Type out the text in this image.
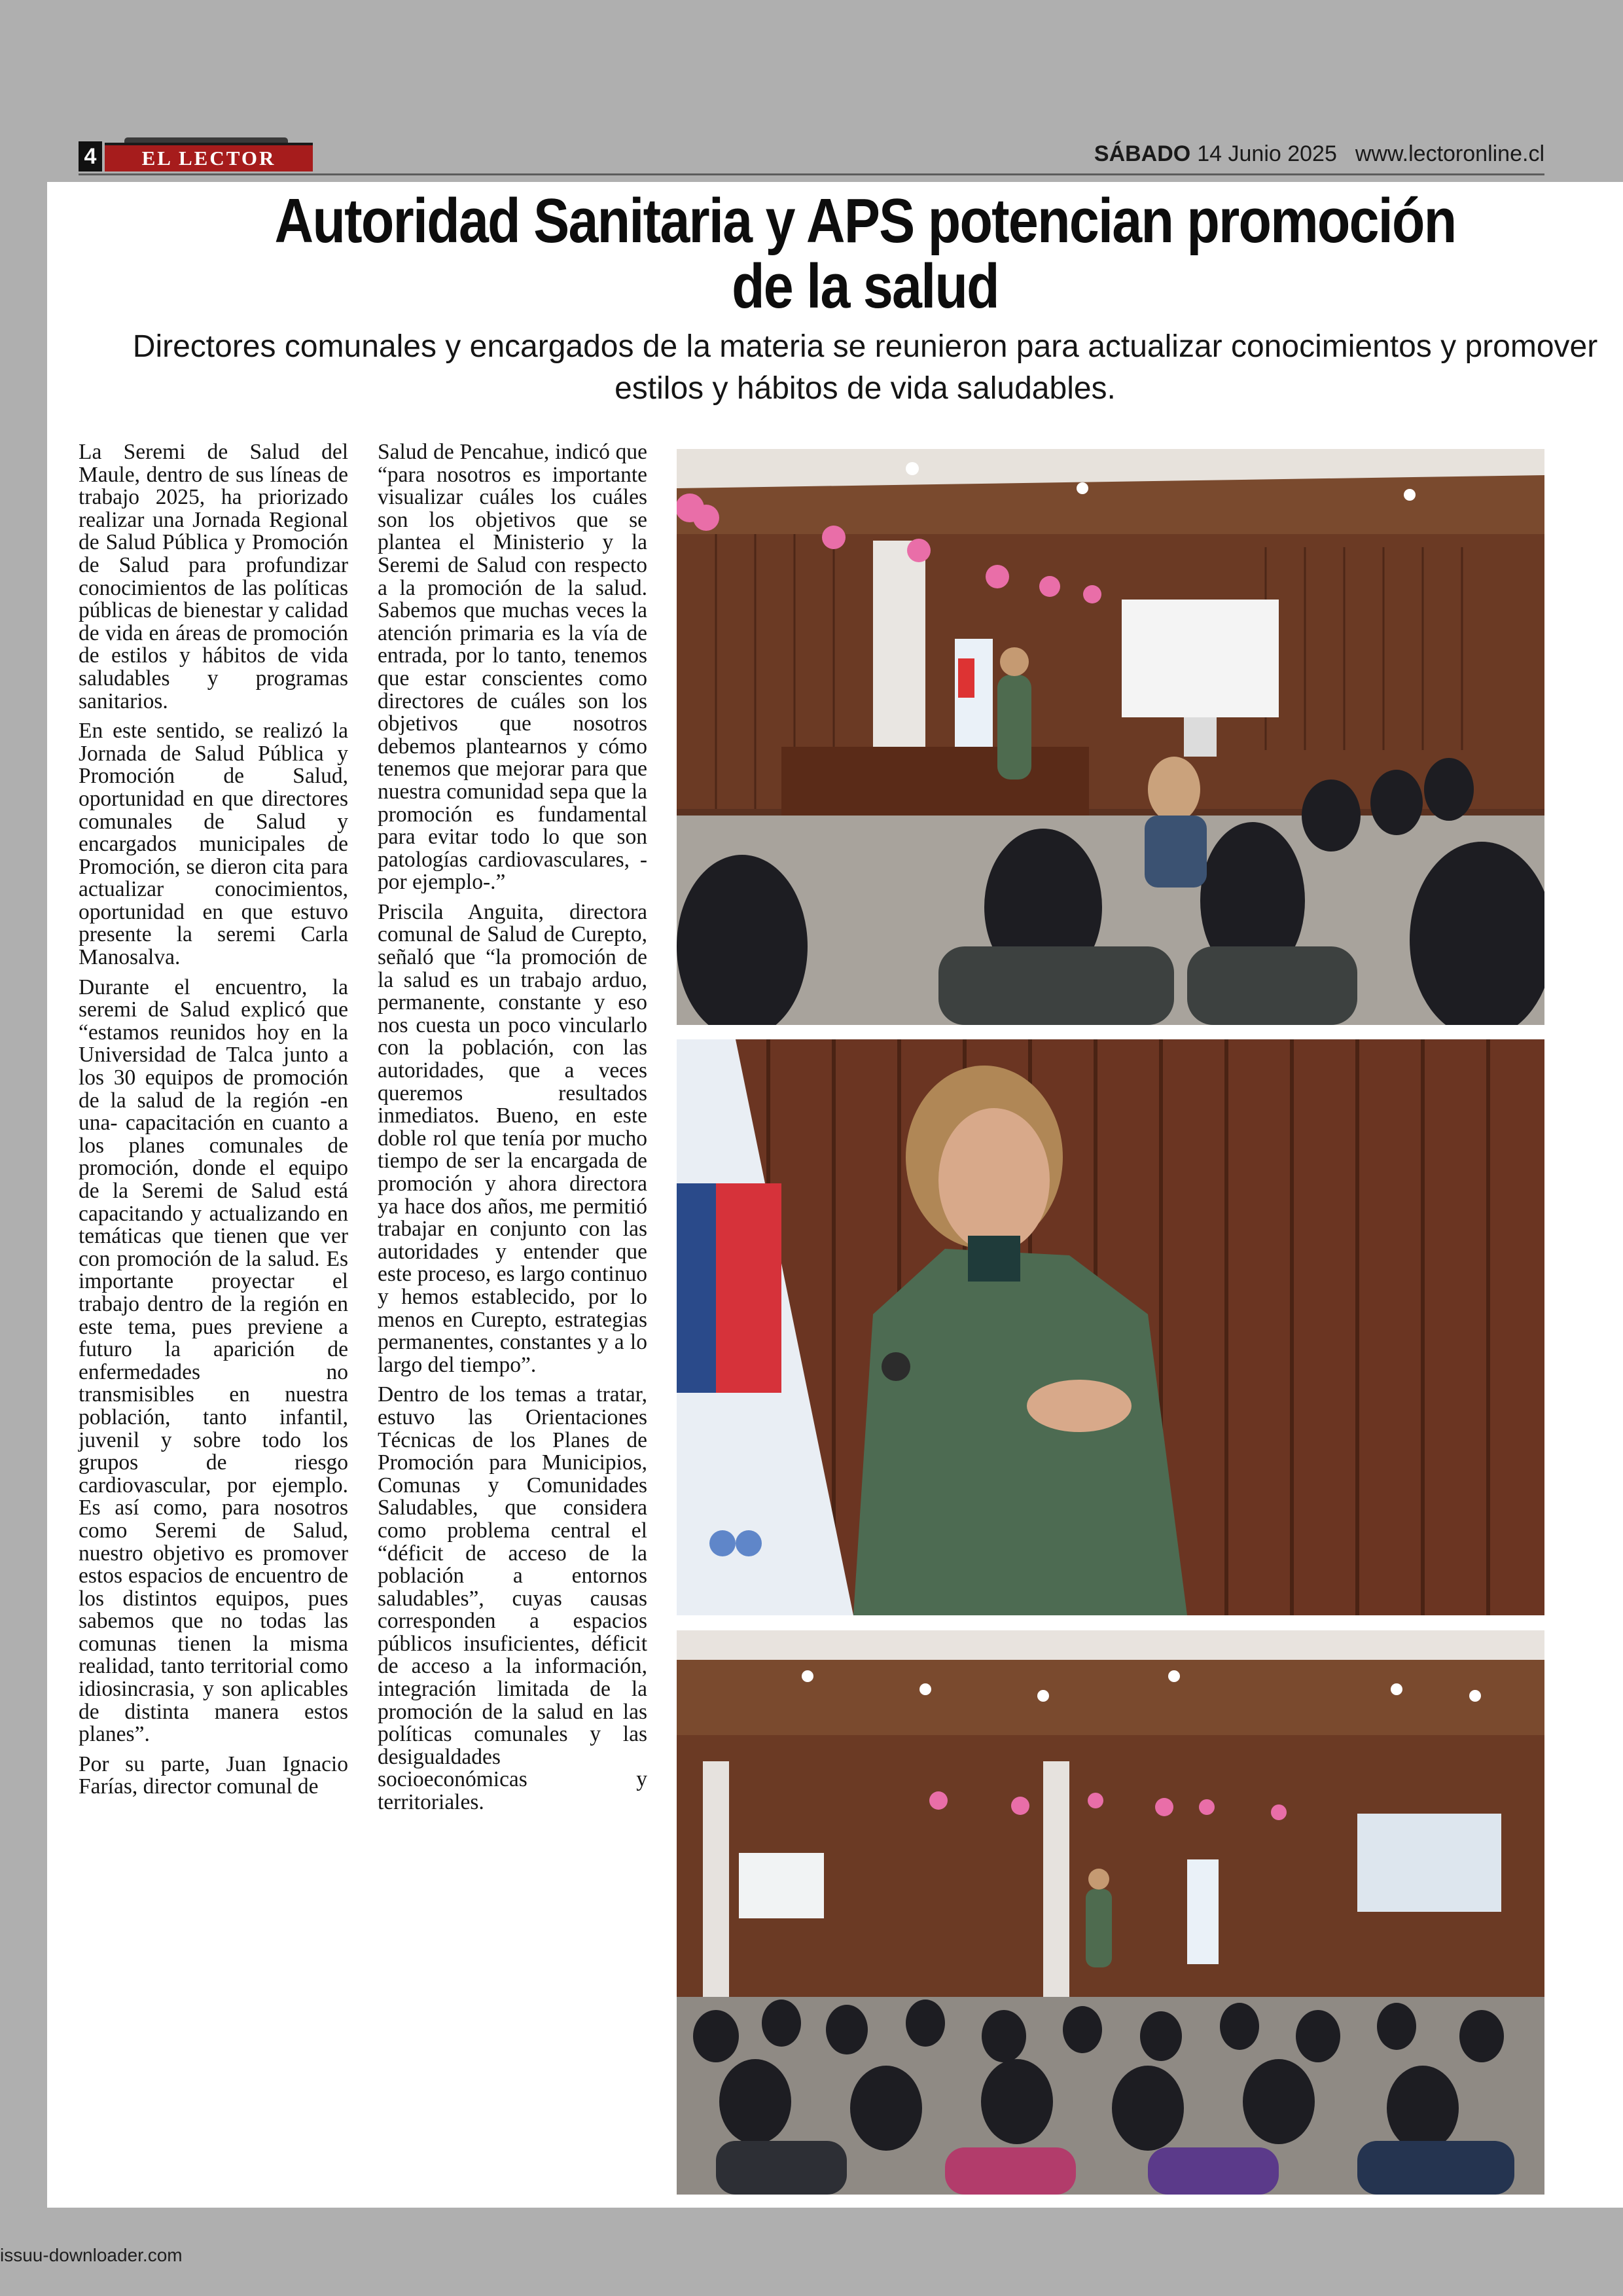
4	EL LECTOR	SÁBADO 14 Junio 2025 www.lectoronline.cl
Autoridad Sanitaria y APS potencian promoción
de la salud
Directores comunales y encargados de la materia se reunieron para actualizar conocimientos y promover estilos y hábitos de vida saludables.

La Seremi de Salud del Maule, dentro de sus líneas de trabajo 2025, ha priorizado realizar una Jornada Regional de Salud Pública y Promoción de Salud para profundizar conocimientos de las políticas públicas de bienestar y calidad de vida en áreas de promoción de estilos y hábitos de vida saludables y programas sanitarios.

En este sentido, se realizó la Jornada de Salud Pública y Promoción de Salud, oportunidad en que directores comunales de Salud y encargados municipales de Promoción, se dieron cita para actualizar conocimientos, oportunidad en que estuvo presente la seremi Carla Manosalva.

Durante el encuentro, la seremi de Salud explicó que “estamos reunidos hoy en la Universidad de Talca junto a los 30 equipos de promoción de la salud de la región -en una- capacitación en cuanto a los planes comunales de promoción, donde el equipo de la Seremi de Salud está capacitando y actualizando en temáticas que tienen que ver con promoción de la salud. Es importante proyectar el trabajo dentro de la región en este tema, pues previene a futuro la aparición de enfermedades no transmisibles en nuestra población, tanto infantil, juvenil y sobre todo los grupos de riesgo cardiovascular, por ejemplo. Es así como, para nosotros como Seremi de Salud, nuestro objetivo es promover estos espacios de encuentro de los distintos equipos, pues sabemos que no todas las comunas tienen la misma realidad, tanto territorial como idiosincrasia, y son aplicables de distinta manera estos planes”.

Por su parte, Juan Ignacio Farías, director comunal de

Salud de Pencahue, indicó que “para nosotros es importante visualizar cuáles los cuáles son los objetivos que se plantea el Ministerio y la Seremi de Salud con respecto a la promoción de la salud. Sabemos que muchas veces la atención primaria es la vía de entrada, por lo tanto, tenemos que estar conscientes como directores de cuáles son los objetivos que nosotros debemos plantearnos y cómo tenemos que mejorar para que nuestra comunidad sepa que la promoción es fundamental para evitar todo lo que son patologías cardiovasculares, -por ejemplo-.”

Priscila Anguita, directora comunal de Salud de Curepto, señaló que “la promoción de la salud es un trabajo arduo, permanente, constante y eso nos cuesta un poco vincularlo con la población, con las autoridades, que a veces queremos resultados inmediatos. Bueno, en este doble rol que tenía por mucho tiempo de ser la encargada de promoción y ahora directora ya hace dos años, me permitió trabajar en conjunto con las autoridades y entender que este proceso, es largo continuo y hemos establecido, por lo menos en Curepto, estrategias permanentes, constantes y a lo largo del tiempo”.

Dentro de los temas a tratar, estuvo las Orientaciones Técnicas de los Planes de Promoción para Municipios, Comunas y Comunidades Saludables, que considera como problema central el “déficit de acceso de la población a entornos saludables”, cuyas causas corresponden a espacios públicos insuficientes, déficit de acceso a la información, integración limitada de la promoción de la salud en las políticas comunales y las desigualdades socioeconómicas y territoriales.

issuu-downloader.com
